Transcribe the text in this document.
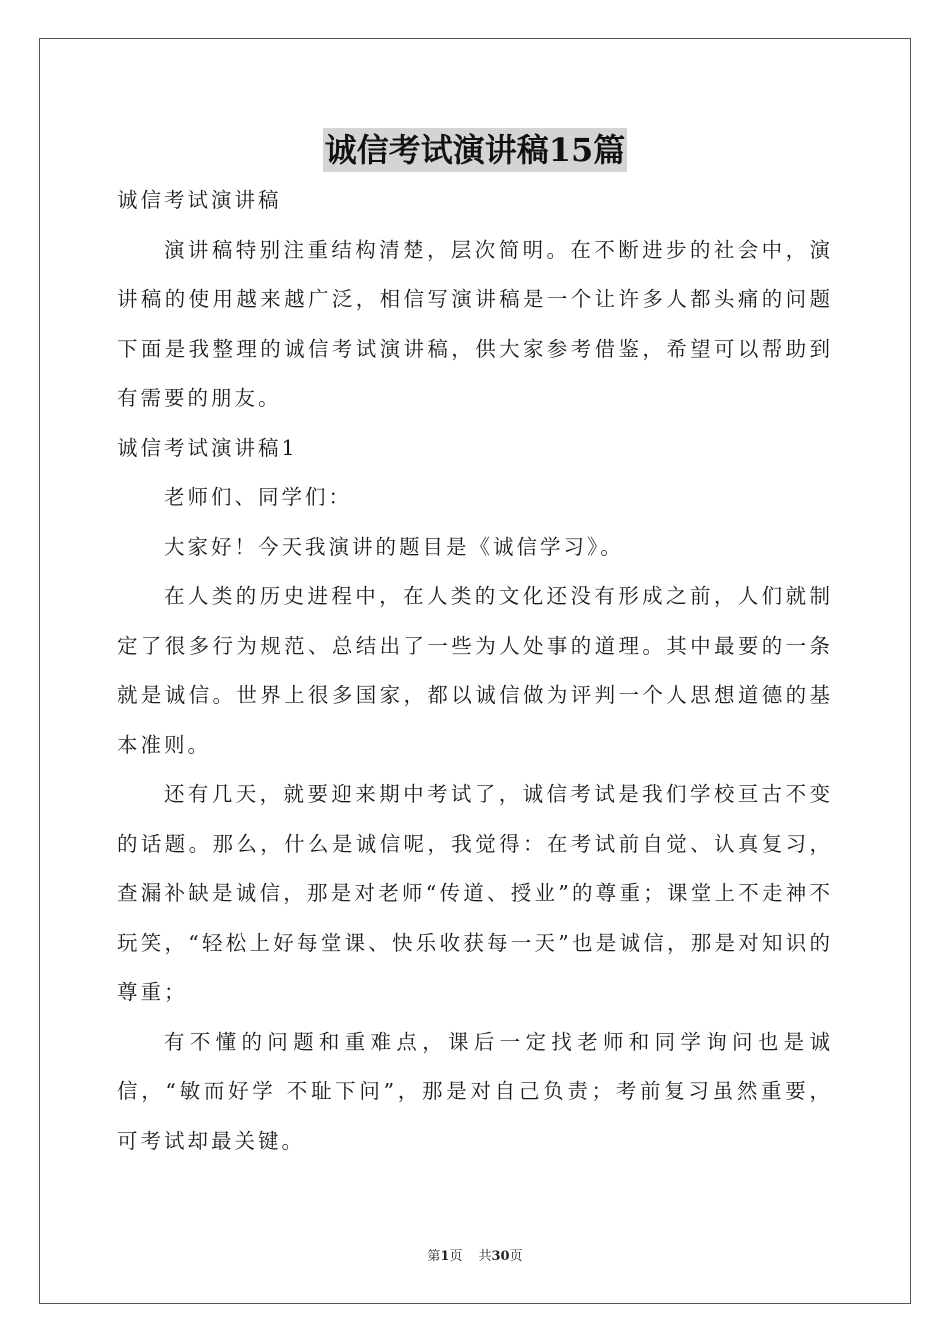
诚信考试演讲稿15篇

诚信考试演讲稿

演讲稿特别注重结构清楚，层次简明。在不断进步的社会中，演讲稿的使用越来越广泛，相信写演讲稿是一个让许多人都头痛的问题下面是我整理的诚信考试演讲稿，供大家参考借鉴，希望可以帮助到有需要的朋友。

诚信考试演讲稿1

老师们、同学们：

大家好！今天我演讲的题目是《诚信学习》。

在人类的历史进程中，在人类的文化还没有形成之前，人们就制定了很多行为规范、总结出了一些为人处事的道理。其中最要的一条就是诚信。世界上很多国家，都以诚信做为评判一个人思想道德的基本准则。

还有几天，就要迎来期中考试了，诚信考试是我们学校亘古不变的话题。那么，什么是诚信呢，我觉得：在考试前自觉、认真复习，查漏补缺是诚信，那是对老师“传道、授业”的尊重；课堂上不走神不玩笑，“轻松上好每堂课、快乐收获每一天”也是诚信，那是对知识的尊重；

有不懂的问题和重难点，课后一定找老师和同学询问也是诚信，“敏而好学 不耻下问”，那是对自己负责；考前复习虽然重要，可考试却最关键。

第1页 共30页
